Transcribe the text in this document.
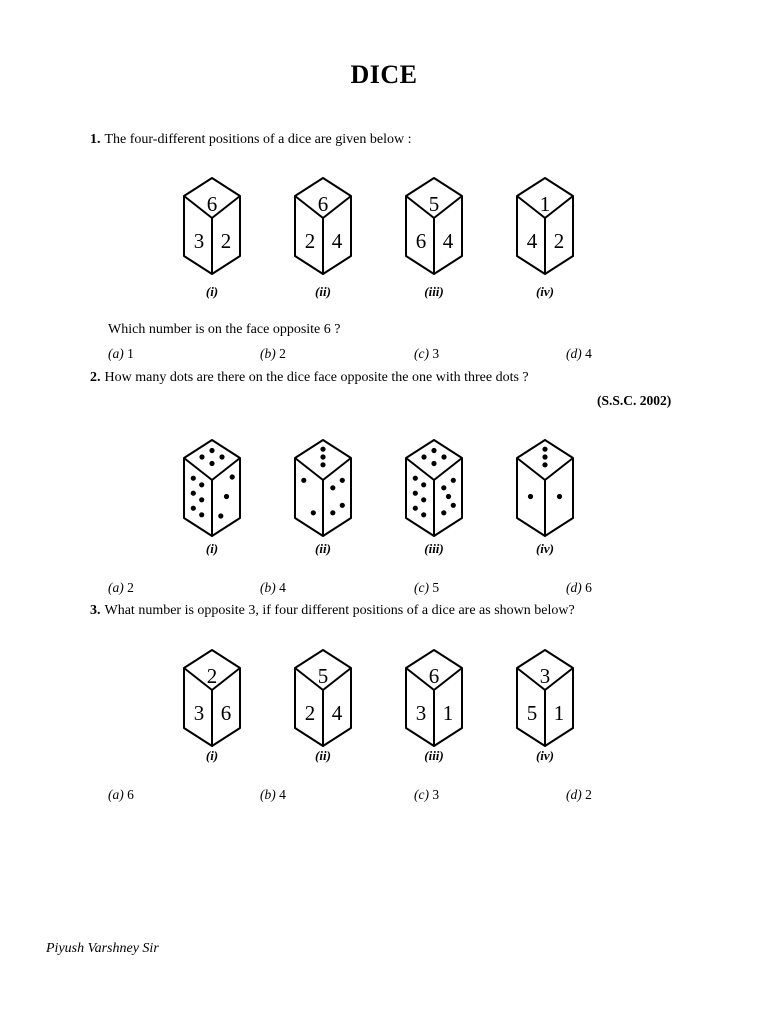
DICE
1. The four-different positions of a dice are given below :
6
3 2
(i)
6
2 4
(ii)
5
6 4
(iii)
1
4 2
(iv)
Which number is on the face opposite 6 ?
(a) 1	(b) 2	(c) 3	(d) 4
2. How many dots are there on the dice face opposite the one with three dots ?
(S.S.C. 2002)
(i)	(ii)	(iii)	(iv)
(a) 2	(b) 4	(c) 5	(d) 6
3. What number is opposite 3, if four different positions of a dice are as shown below?
2
3 6
(i)
5
2 4
(ii)
6
3 1
(iii)
3
5 1
(iv)
(a) 6	(b) 4	(c) 3	(d) 2
Piyush Varshney Sir
